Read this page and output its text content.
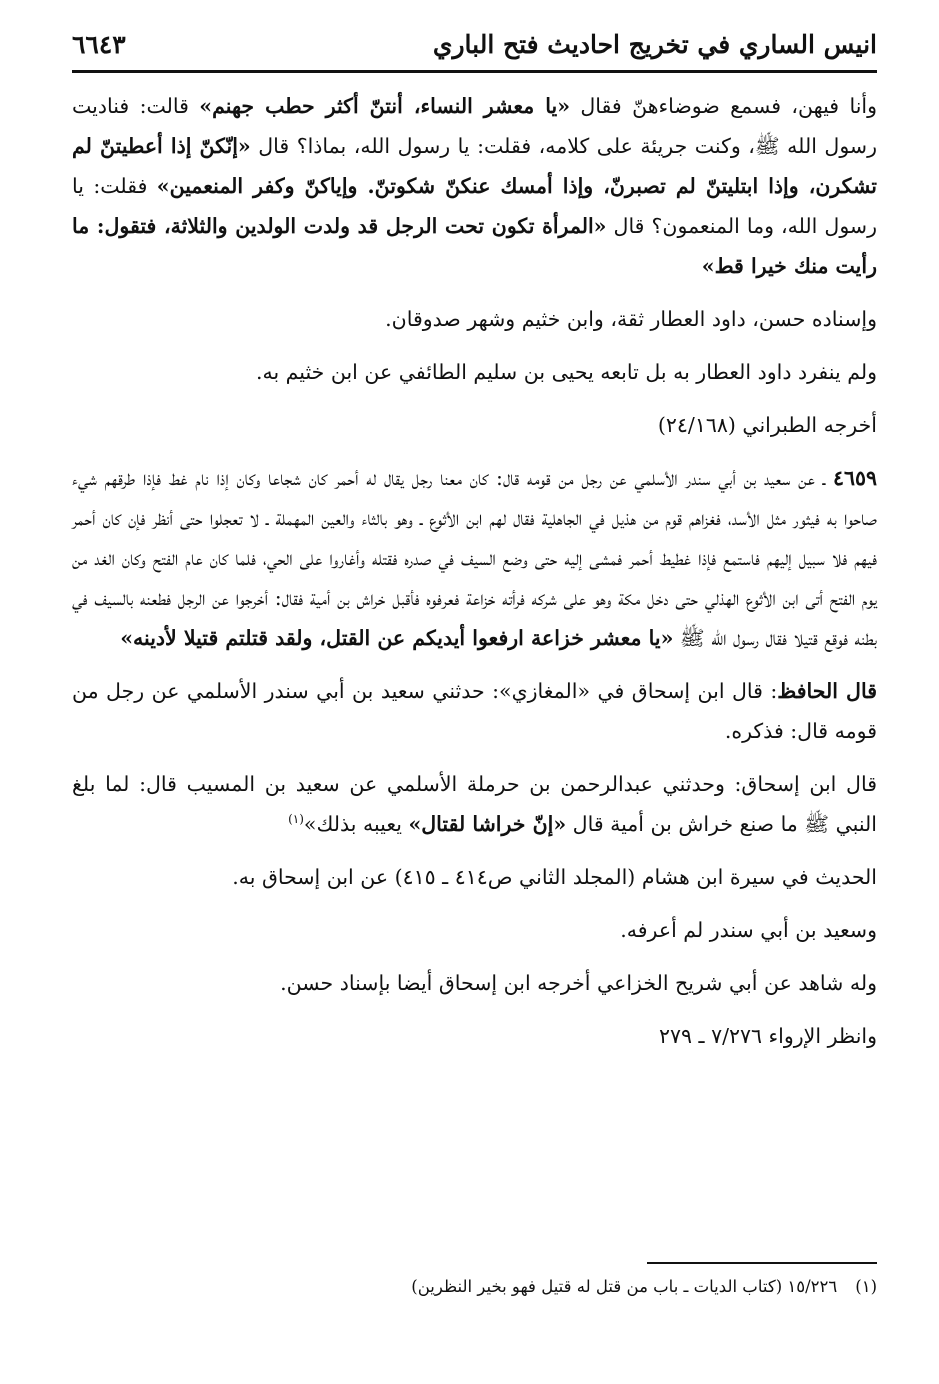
انيس الساري في تخريج احاديث فتح الباري
٦٦٤٣

وأنا فيهن، فسمع ضوضاءهنّ فقال «يا معشر النساء، أنتنّ أكثر حطب جهنم» قالت: فناديت رسول الله ﷺ، وكنت جريئة على كلامه، فقلت: يا رسول الله، بماذا؟ قال «إنّكنّ إذا أعطيتنّ لم تشكرن، وإذا ابتليتنّ لم تصبرنّ، وإذا أمسك عنكنّ شكوتنّ. وإياكنّ وكفر المنعمين» فقلت: يا رسول الله، وما المنعمون؟ قال «المرأة تكون تحت الرجل قد ولدت الولدين والثلاثة، فتقول: ما رأيت منك خيرا قط»

وإسناده حسن، داود العطار ثقة، وابن خثيم وشهر صدوقان.

ولم ينفرد داود العطار به بل تابعه يحيى بن سليم الطائفي عن ابن خثيم به.

أخرجه الطبراني (٢٤/١٦٨)

٤٦٥٩ ـ عن سعيد بن أبي سندر الأسلمي عن رجل من قومه قال: كان معنا رجل يقال له أحمر كان شجاعا وكان إذا نام غط فإذا طرقهم شيء صاحوا به فيثور مثل الأسد، فغزاهم قوم من هذيل في الجاهلية فقال لهم ابن الأثوع ـ وهو بالثاء والعين المهملة ـ لا تعجلوا حتى أنظر فإن كان أحمر فيهم فلا سبيل إليهم فاستمع فإذا غطيط أحمر فمشى إليه حتى وضع السيف في صدره فقتله وأغاروا على الحي، فلما كان عام الفتح وكان الغد من يوم الفتح أتى ابن الأثوع الهذلي حتى دخل مكة وهو على شركه فرأته خزاعة فعرفوه فأقبل خراش بن أمية فقال: أخرجوا عن الرجل فطعنه بالسيف في بطنه فوقع قتيلا فقال رسول الله ﷺ «يا معشر خزاعة ارفعوا أيديكم عن القتل، ولقد قتلتم قتيلا لأدينه»

قال الحافظ: قال ابن إسحاق في «المغازي»: حدثني سعيد بن أبي سندر الأسلمي عن رجل من قومه قال: فذكره.

قال ابن إسحاق: وحدثني عبدالرحمن بن حرملة الأسلمي عن سعيد بن المسيب قال: لما بلغ النبي ﷺ ما صنع خراش بن أمية قال «إنّ خراشا لقتال» يعيبه بذلك»$^{(١)}$

الحديث في سيرة ابن هشام (المجلد الثاني ص٤١٤ ـ ٤١٥) عن ابن إسحاق به.

وسعيد بن أبي سندر لم أعرفه.

وله شاهد عن أبي شريح الخزاعي أخرجه ابن إسحاق أيضا بإسناد حسن.

وانظر الإرواء ٧/٢٧٦ ـ ٢٧٩

(١)١٥/٢٢٦ (كتاب الديات ـ باب من قتل له قتيل فهو بخير النظرين)
